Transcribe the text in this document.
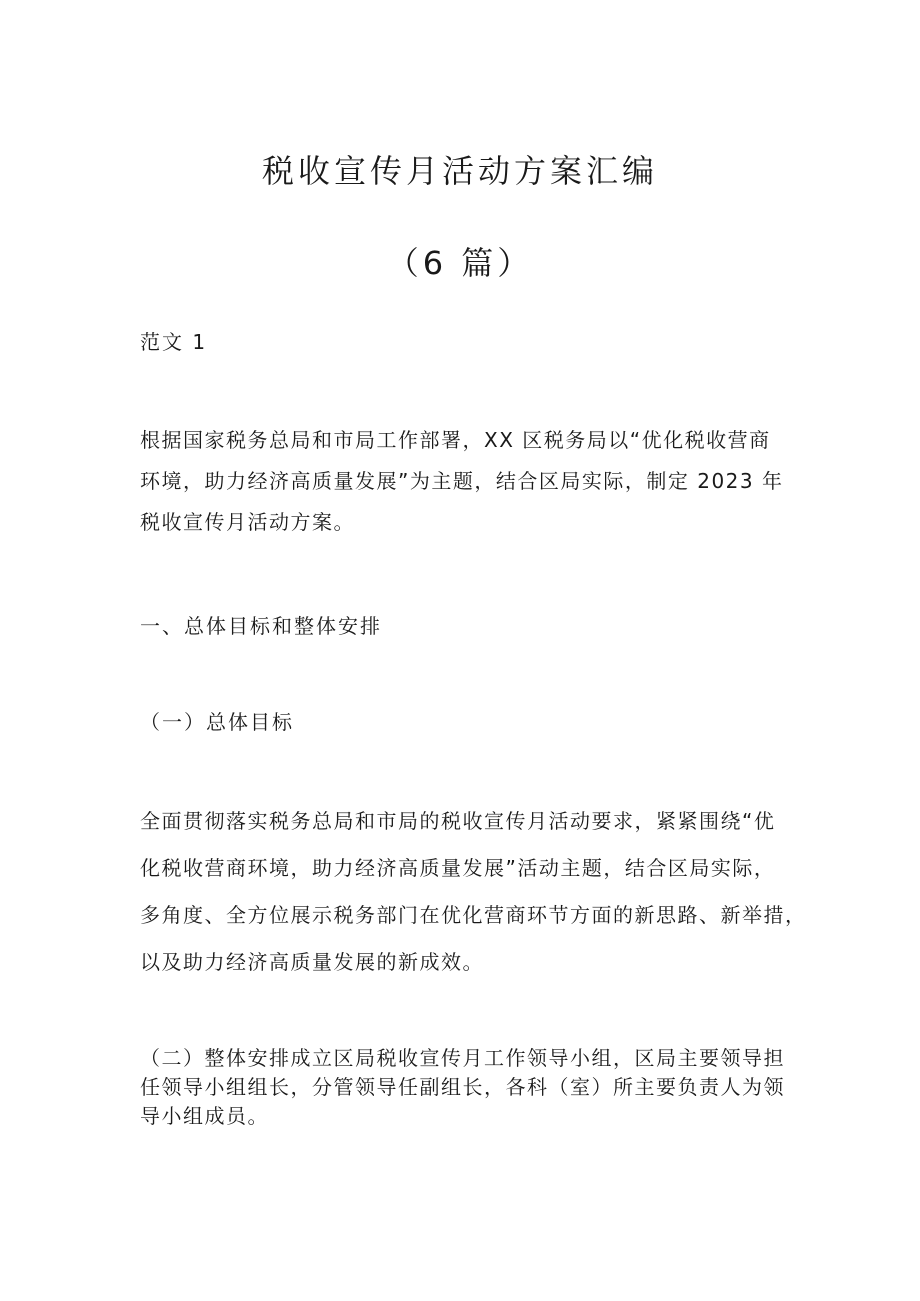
税收宣传月活动方案汇编
（6 篇）
范文 1
根据国家税务总局和市局工作部署，XX 区税务局以“优化税收营商
环境，助力经济高质量发展”为主题，结合区局实际，制定 2023 年
税收宣传月活动方案。
一、总体目标和整体安排
（一）总体目标
全面贯彻落实税务总局和市局的税收宣传月活动要求，紧紧围绕“优
化税收营商环境，助力经济高质量发展”活动主题，结合区局实际，
多角度、全方位展示税务部门在优化营商环节方面的新思路、新举措，
以及助力经济高质量发展的新成效。
（二）整体安排成立区局税收宣传月工作领导小组，区局主要领导担
任领导小组组长，分管领导任副组长，各科（室）所主要负责人为领
导小组成员。
